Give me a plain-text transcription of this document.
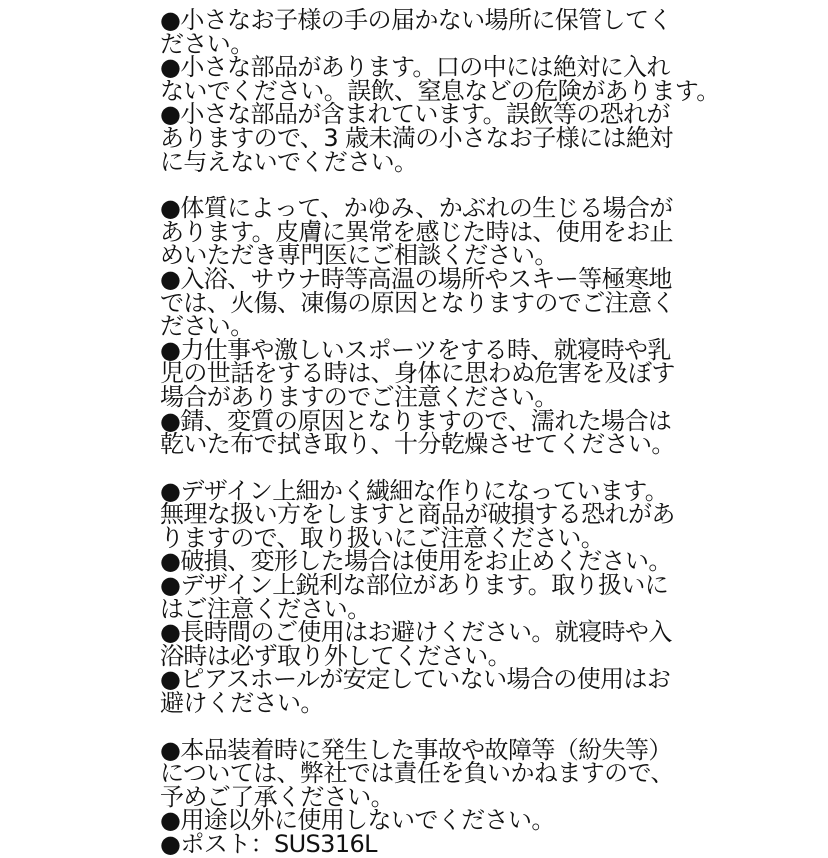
●小さなお子様の手の届かない場所に保管してく
ださい。
●小さな部品があります。口の中には絶対に入れ
ないでください。誤飲、窒息などの危険があります。
●小さな部品が含まれています。誤飲等の恐れが
ありますので、3 歳未満の小さなお子様には絶対
に与えないでください。
●体質によって、かゆみ、かぶれの生じる場合が
あります。皮膚に異常を感じた時は、使用をお止
めいただき専門医にご相談ください。
●入浴、サウナ時等高温の場所やスキー等極寒地
では、火傷、凍傷の原因となりますのでご注意く
ださい。
●力仕事や激しいスポーツをする時、就寝時や乳
児の世話をする時は、身体に思わぬ危害を及ぼす
場合がありますのでご注意ください。
●錆、変質の原因となりますので、濡れた場合は
乾いた布で拭き取り、十分乾燥させてください。
●デザイン上細かく繊細な作りになっています。
無理な扱い方をしますと商品が破損する恐れがあ
りますので、取り扱いにご注意ください。
●破損、変形した場合は使用をお止めください。
●デザイン上鋭利な部位があります。取り扱いに
はご注意ください。
●長時間のご使用はお避けください。就寝時や入
浴時は必ず取り外してください。
●ピアスホールが安定していない場合の使用はお
避けください。
●本品装着時に発生した事故や故障等（紛失等）
については、弊社では責任を負いかねますので、
予めご了承ください。
●用途以外に使用しないでください。
●ポスト：SUS316L
